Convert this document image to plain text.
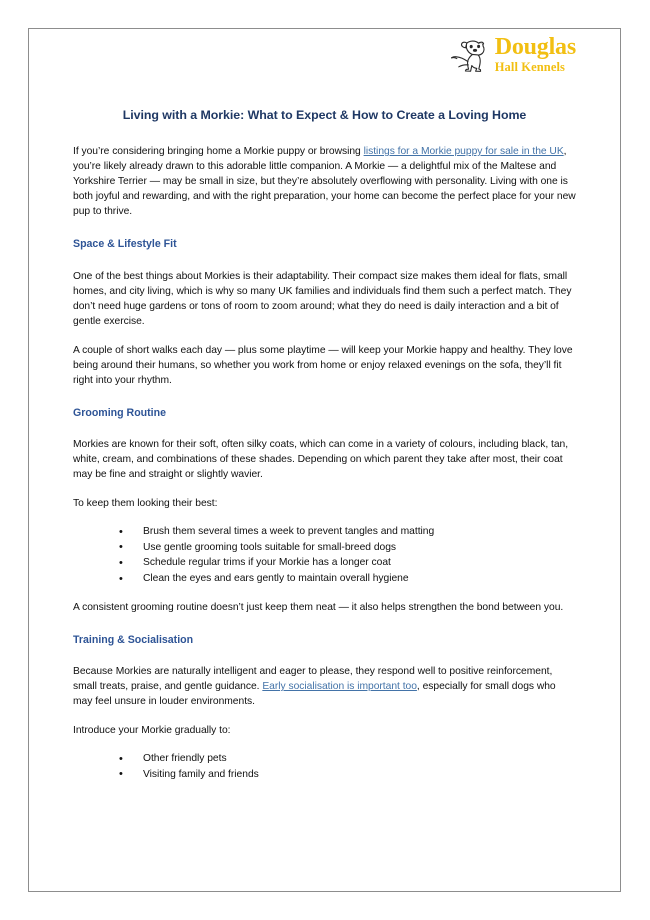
Douglas
Hall Kennels
Living with a Morkie: What to Expect & How to Create a Loving Home

If you’re considering bringing home a Morkie puppy or browsing listings for a Morkie puppy for sale in the UK, you’re likely already drawn to this adorable little companion. A Morkie — a delightful mix of the Maltese and Yorkshire Terrier — may be small in size, but they’re absolutely overflowing with personality. Living with one is both joyful and rewarding, and with the right preparation, your home can become the perfect place for your new pup to thrive.

Space & Lifestyle Fit

One of the best things about Morkies is their adaptability. Their compact size makes them ideal for flats, small homes, and city living, which is why so many UK families and individuals find them such a perfect match. They don’t need huge gardens or tons of room to zoom around; what they do need is daily interaction and a bit of gentle exercise.

A couple of short walks each day — plus some playtime — will keep your Morkie happy and healthy. They love being around their humans, so whether you work from home or enjoy relaxed evenings on the sofa, they’ll fit right into your rhythm.

Grooming Routine

Morkies are known for their soft, often silky coats, which can come in a variety of colours, including black, tan, white, cream, and combinations of these shades. Depending on which parent they take after most, their coat may be fine and straight or slightly wavier.

To keep them looking their best:

• Brush them several times a week to prevent tangles and matting
• Use gentle grooming tools suitable for small-breed dogs
• Schedule regular trims if your Morkie has a longer coat
• Clean the eyes and ears gently to maintain overall hygiene

A consistent grooming routine doesn’t just keep them neat — it also helps strengthen the bond between you.

Training & Socialisation

Because Morkies are naturally intelligent and eager to please, they respond well to positive reinforcement, small treats, praise, and gentle guidance. Early socialisation is important too, especially for small dogs who may feel unsure in louder environments.

Introduce your Morkie gradually to:

• Other friendly pets
• Visiting family and friends
